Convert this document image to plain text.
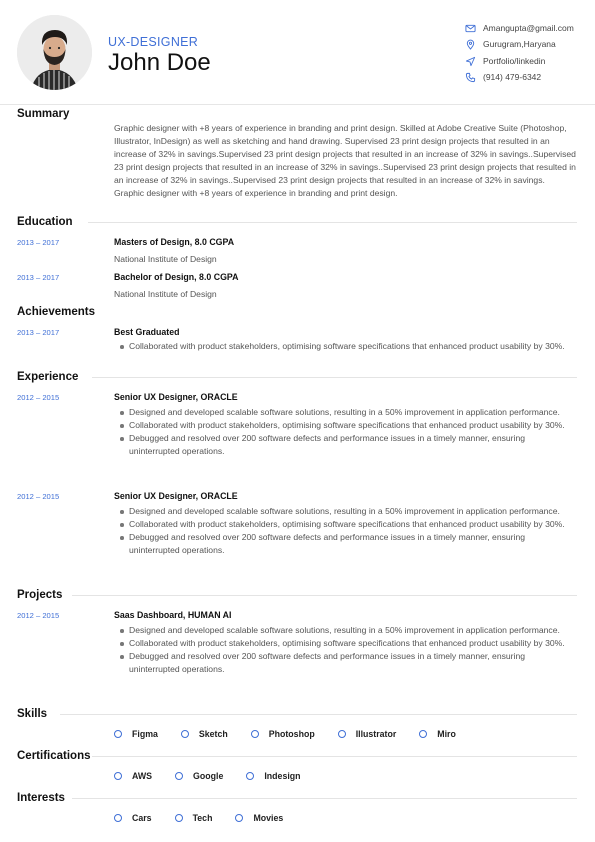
UX-DESIGNER
John Doe
Amangupta@gmail.com
Gurugram,Haryana
Portfolio/linkedin
(914) 479-6342
Summary
Graphic designer with +8 years of experience in branding and print design. Skilled at Adobe Creative Suite (Photoshop, Illustrator, InDesign) as well as sketching and hand drawing. Supervised 23 print design projects that resulted in an increase of 32% in savings.Supervised 23 print design projects that resulted in an increase of 32% in savings..Supervised 23 print design projects that resulted in an increase of 32% in savings..Supervised 23 print design projects that resulted in an increase of 32% in savings..Supervised 23 print design projects that resulted in an increase of 32% in savings. Graphic designer with +8 years of experience in branding and print design.
Education
2013 – 2017	Masters of Design, 8.0 CGPA
National Institute of Design
2013 – 2017	Bachelor of Design, 8.0 CGPA
National Institute of Design
Achievements
2013 – 2017	Best Graduated
Collaborated with product stakeholders, optimising software specifications that enhanced product usability by 30%.
Experience
2012 – 2015	Senior UX Designer, ORACLE
Designed and developed scalable software solutions, resulting in a 50% improvement in application performance.
Collaborated with product stakeholders, optimising software specifications that enhanced product usability by 30%.
Debugged and resolved over 200 software defects and performance issues in a timely manner, ensuring uninterrupted operations.
2012 – 2015	Senior UX Designer, ORACLE
Designed and developed scalable software solutions, resulting in a 50% improvement in application performance.
Collaborated with product stakeholders, optimising software specifications that enhanced product usability by 30%.
Debugged and resolved over 200 software defects and performance issues in a timely manner, ensuring uninterrupted operations.
Projects
2012 – 2015	Saas Dashboard, HUMAN AI
Designed and developed scalable software solutions, resulting in a 50% improvement in application performance.
Collaborated with product stakeholders, optimising software specifications that enhanced product usability by 30%.
Debugged and resolved over 200 software defects and performance issues in a timely manner, ensuring uninterrupted operations.
Skills
Figma	Sketch	Photoshop	Illustrator	Miro
Certifications
AWS	Google	Indesign
Interests
Cars	Tech	Movies
